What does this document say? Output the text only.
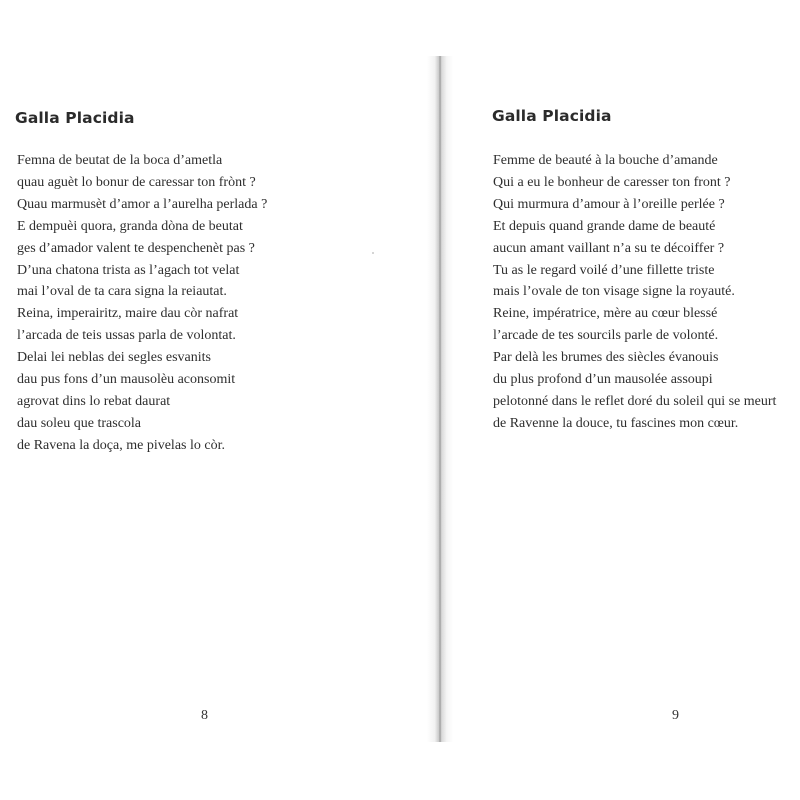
Galla Placidia
Femna de beutat de la boca d’ametla
quau aguèt lo bonur de caressar ton frònt ?
Quau marmusèt d’amor a l’aurelha perlada ?
E dempuèi quora, granda dòna de beutat
ges d’amador valent te despenchenèt pas ?
D’una chatona trista as l’agach tot velat
mai l’oval de ta cara signa la reiautat.
Reina, imperairitz, maire dau còr nafrat
l’arcada de teis ussas parla de volontat.
Delai lei neblas dei segles esvanits
dau pus fons d’un mausolèu aconsomit
agrovat dins lo rebat daurat
dau soleu que trascola
de Ravena la doça, me pivelas lo còr.
8
Galla Placidia
Femme de beauté à la bouche d’amande
Qui a eu le bonheur de caresser ton front ?
Qui murmura d’amour à l’oreille perlée ?
Et depuis quand grande dame de beauté
aucun amant vaillant n’a su te décoiffer ?
Tu as le regard voilé d’une fillette triste
mais l’ovale de ton visage signe la royauté.
Reine, impératrice, mère au cœur blessé
l’arcade de tes sourcils parle de volonté.
Par delà les brumes des siècles évanouis
du plus profond d’un mausolée assoupi
pelotonné dans le reflet doré du soleil qui se meurt
de Ravenne la douce, tu fascines mon cœur.
9
